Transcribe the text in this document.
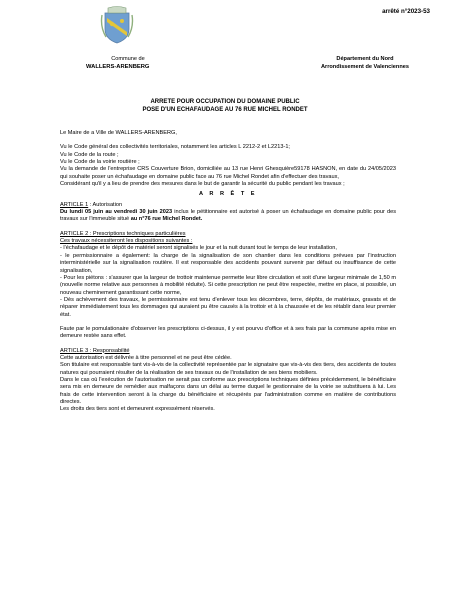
arrêté n°2023-53
Commune de
WALLERS-ARENBERG
Département du Nord
Arrondissement de Valenciennes
ARRETE POUR OCCUPATION DU DOMAINE PUBLIC
POSE D'UN ECHAFAUDAGE AU 76 RUE MICHEL RONDET

Le Maire de a Ville de WALLERS-ARENBERG,

Vu le Code général des collectivités territoriales, notamment les articles L 2212-2 et L2213-1;

Vu le Code de la route ;

Vu le Code de la voirie routière ;

Vu la demande de l'entreprise CRS Couverture Brion, domiciliée au 13 rue Henri Ghesquière59178 HASNON, en date du 24/05/2023 qui souhaite poser un échafaudage en domaine public face au 76 rue Michel Rondet afin d'effectuer des travaux,

Considérant qu'il y a lieu de prendre des mesures dans le but de garantir la sécurité du public pendant les travaux ;

A R R Ê T E

ARTICLE 1 : Autorisation

Du lundi 05 juin au vendredi 30 juin 2023 inclus le pétitionnaire est autorisé à poser un échafaudage en domaine public pour des travaux sur l'immeuble situé au n°76 rue Michel Rondet.

ARTICLE 2 : Prescriptions techniques particulières

Ces travaux nécessiteront les dispositions suivantes :

- l'échafaudage et le dépôt de matériel seront signalisés le jour et la nuit durant tout le temps de leur installation,

- le permissionnaire a également: la charge de la signalisation de son chantier dans les conditions prévues par l'instruction interministérielle sur la signalisation routière. Il est responsable des accidents pouvant survenir par défaut ou insuffisance de cette signalisation,

- Pour les piétons : s'assurer que la largeur de trottoir maintenue permette leur libre circulation et soit d'une largeur minimale de 1,50 m (nouvelle norme relative aux personnes à mobilité réduite). Si cette prescription ne peut être respectée, mettre en place, si possible, un nouveau cheminement garantissant cette norme,

- Dès achèvement des travaux, le permissionnaire est tenu d'enlever tous les décombres, terre, dépôts, de matériaux, gravats et de réparer immédiatement tous les dommages qui auraient pu être causés à la trottoir et à la chaussée et de les rétablir dans leur premier état.

Faute par le pomulationaire d'observer les prescriptions ci-dessus, il y est pourvu d'office et à ses frais par la commune après mise en demeure restée sans effet.

ARTICLE 3 : Responsabilité

Cette autorisation est délivrée à titre personnel et ne peut être cédée.

Son titulaire est responsable tant vis-à-vis de la collectivité représentée par le signataire que vis-à-vis des tiers, des accidents de toutes natures qui pourraient résulter de la réalisation de ses travaux ou de l'installation de ses biens mobiliers.

Dans le cas où l'exécution de l'autorisation ne serait pas conforme aux prescriptions techniques définies précédemment, le bénéficiaire sera mis en demeure de remédier aux malfaçons dans un délai au terme duquel le gestionnaire de la voirie se substituera à lui. Les frais de cette intervention seront à la charge du bénéficiaire et récupérés par l'administration comme en matière de contributions directes.

Les droits des tiers sont et demeurent expressément réservés.
